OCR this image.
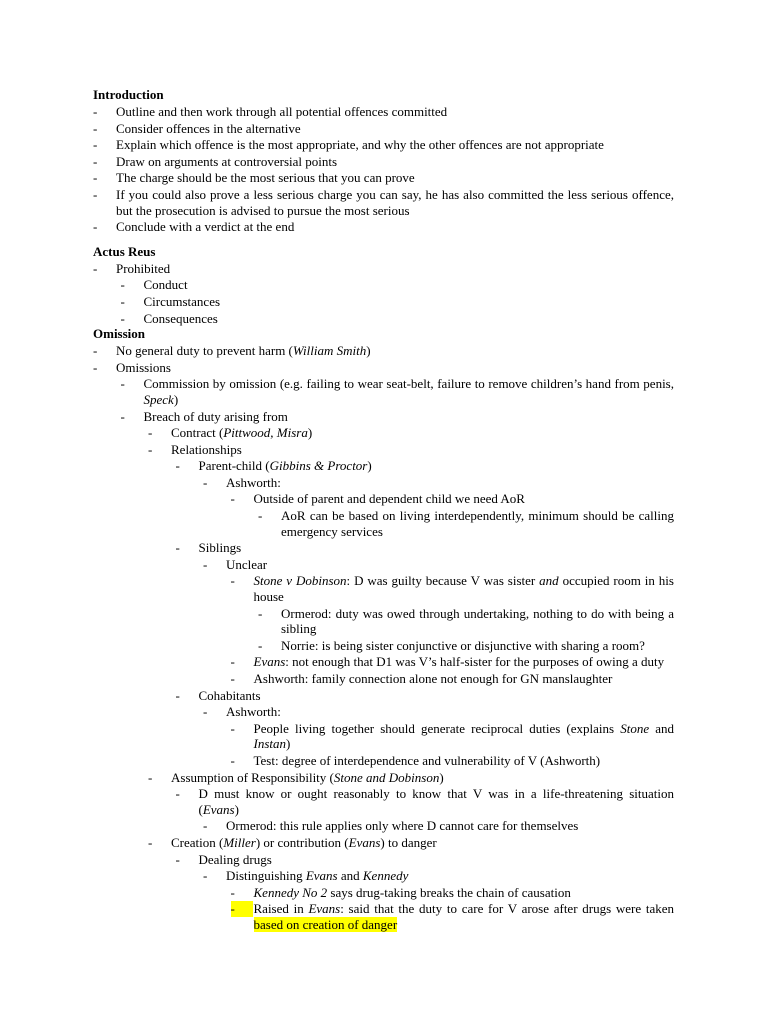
Introduction
- Outline and then work through all potential offences committed
- Consider offences in the alternative
- Explain which offence is the most appropriate, and why the other offences are not appropriate
- Draw on arguments at controversial points
- The charge should be the most serious that you can prove
- If you could also prove a less serious charge you can say, he has also committed the less serious offence, but the prosecution is advised to pursue the most serious
- Conclude with a verdict at the end
Actus Reus
- Prohibited
- Conduct
- Circumstances
- Consequences
Omission
- No general duty to prevent harm (William Smith)
- Omissions
- Commission by omission (e.g. failing to wear seat-belt, failure to remove children’s hand from penis, Speck)
- Breach of duty arising from
- Contract (Pittwood, Misra)
- Relationships
- Parent-child (Gibbins & Proctor)
- Ashworth:
- Outside of parent and dependent child we need AoR
- AoR can be based on living interdependently, minimum should be calling emergency services
- Siblings
- Unclear
- Stone v Dobinson: D was guilty because V was sister and occupied room in his house
- Ormerod: duty was owed through undertaking, nothing to do with being a sibling
- Norrie: is being sister conjunctive or disjunctive with sharing a room?
- Evans: not enough that D1 was V’s half-sister for the purposes of owing a duty
- Ashworth: family connection alone not enough for GN manslaughter
- Cohabitants
- Ashworth:
- People living together should generate reciprocal duties (explains Stone and Instan)
- Test: degree of interdependence and vulnerability of V (Ashworth)
- Assumption of Responsibility (Stone and Dobinson)
- D must know or ought reasonably to know that V was in a life-threatening situation (Evans)
- Ormerod: this rule applies only where D cannot care for themselves
- Creation (Miller) or contribution (Evans) to danger
- Dealing drugs
- Distinguishing Evans and Kennedy
- Kennedy No 2 says drug-taking breaks the chain of causation
-	Raised in Evans: said that the duty to care for V arose after drugs were taken based on creation of danger
